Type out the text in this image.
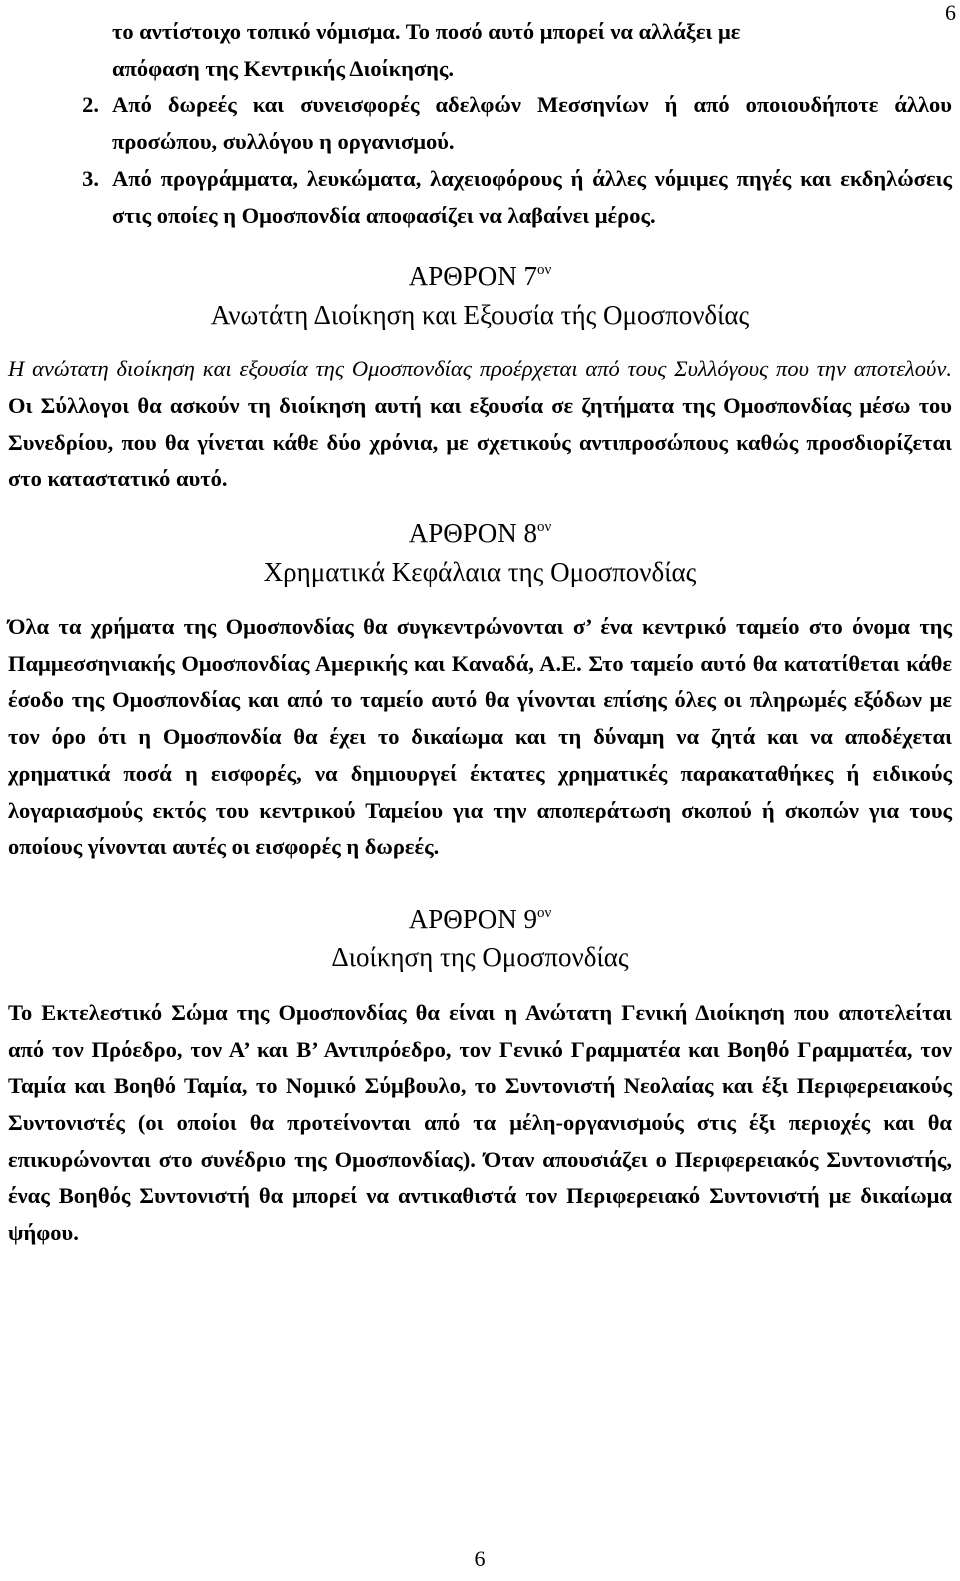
6
το αντίστοιχο τοπικό νόμισμα. Το ποσό αυτό μπορεί να αλλάξει με
απόφαση της Κεντρικής Διοίκησης.
2. Από δωρεές και συνεισφορές αδελφών Μεσσηνίων ή από οποιουδήποτε άλλου προσώπου, συλλόγου η οργανισμού.
3. Από προγράμματα, λευκώματα, λαχειοφόρους ή άλλες νόμιμες πηγές και εκδηλώσεις στις οποίες η Ομοσπονδία αποφασίζει να λαβαίνει μέρος.
ΑΡΘΡΟΝ $7^{o\nu}$
Ανωτάτη Διοίκηση και Εξουσία τής Ομοσπονδίας

Η ανώτατη διοίκηση και εξουσία της Ομοσπονδίας προέρχεται από τους Συλλόγους που την αποτελούν. Οι Σύλλογοι θα ασκούν τη διοίκηση αυτή και εξουσία σε ζητήματα της Ομοσπονδίας μέσω του Συνεδρίου, που θα γίνεται κάθε δύο χρόνια, με σχετικούς αντιπροσώπους καθώς προσδιορίζεται στο καταστατικό αυτό.

ΑΡΘΡΟΝ $8^{o\nu}$
Χρηματικά Κεφάλαια της Ομοσπονδίας

Όλα τα χρήματα της Ομοσπονδίας θα συγκεντρώνονται σ’ ένα κεντρικό ταμείο στο όνομα της Παμμεσσηνιακής Ομοσπονδίας Αμερικής και Καναδά, Α.Ε. Στο ταμείο αυτό θα κατατίθεται κάθε έσοδο της Ομοσπονδίας και από το ταμείο αυτό θα γίνονται επίσης όλες οι πληρωμές εξόδων με τον όρο ότι η Ομοσπονδία θα έχει το δικαίωμα και τη δύναμη να ζητά και να αποδέχεται χρηματικά ποσά η εισφορές, να δημιουργεί έκτατες χρηματικές παρακαταθήκες ή ειδικούς λογαριασμούς εκτός του κεντρικού Ταμείου για την αποπεράτωση σκοπού ή σκοπών για τους οποίους γίνονται αυτές οι εισφορές η δωρεές.

ΑΡΘΡΟΝ $9^{o\nu}$
Διοίκηση της Ομοσπονδίας

Το Εκτελεστικό Σώμα της Ομοσπονδίας θα είναι η Ανώτατη Γενική Διοίκηση που αποτελείται από τον Πρόεδρο, τον Α’ και Β’ Αντιπρόεδρο, τον Γενικό Γραμματέα και Βοηθό Γραμματέα, τον Ταμία και Βοηθό Ταμία, το Νομικό Σύμβουλο, το Συντονιστή Νεολαίας και έξι Περιφερειακούς Συντονιστές (οι οποίοι θα προτείνονται από τα μέλη-οργανισμούς στις έξι περιοχές και θα επικυρώνονται στο συνέδριο της Ομοσπονδίας). Όταν απουσιάζει ο Περιφερειακός Συντονιστής, ένας Βοηθός Συντονιστή θα μπορεί να αντικαθιστά τον Περιφερειακό Συντονιστή με δικαίωμα ψήφου.

6
